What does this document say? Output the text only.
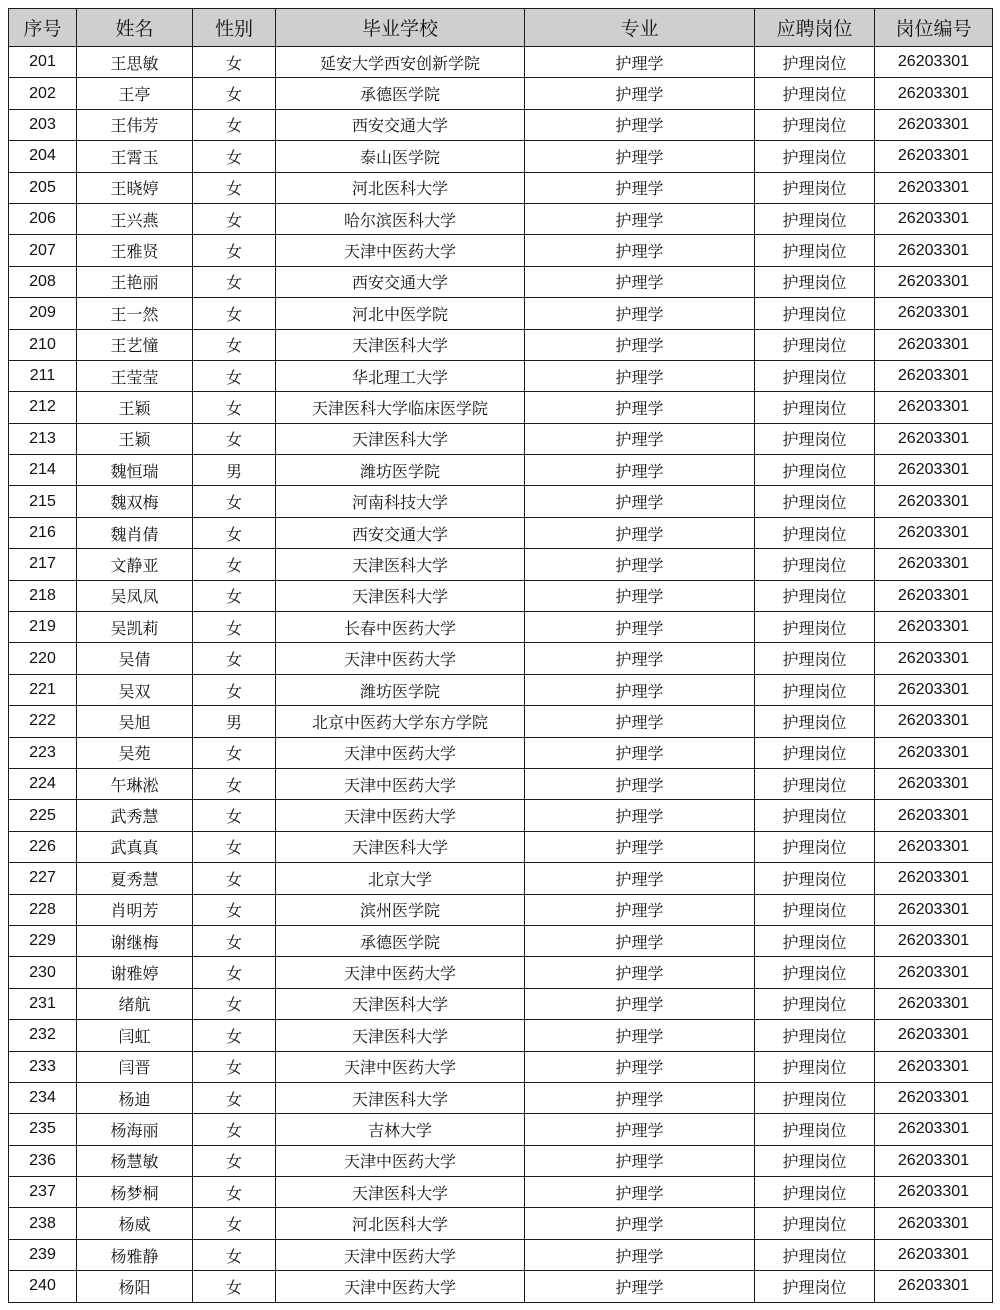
序号	姓名	性别	毕业学校	专业	应聘岗位	岗位编号
201	王思敏	女	延安大学西安创新学院	护理学	护理岗位	26203301
202	王亭	女	承德医学院	护理学	护理岗位	26203301
203	王伟芳	女	西安交通大学	护理学	护理岗位	26203301
204	王霄玉	女	泰山医学院	护理学	护理岗位	26203301
205	王晓婷	女	河北医科大学	护理学	护理岗位	26203301
206	王兴燕	女	哈尔滨医科大学	护理学	护理岗位	26203301
207	王雅贤	女	天津中医药大学	护理学	护理岗位	26203301
208	王艳丽	女	西安交通大学	护理学	护理岗位	26203301
209	王一然	女	河北中医学院	护理学	护理岗位	26203301
210	王艺憧	女	天津医科大学	护理学	护理岗位	26203301
211	王莹莹	女	华北理工大学	护理学	护理岗位	26203301
212	王颖	女	天津医科大学临床医学院	护理学	护理岗位	26203301
213	王颖	女	天津医科大学	护理学	护理岗位	26203301
214	魏恒瑞	男	潍坊医学院	护理学	护理岗位	26203301
215	魏双梅	女	河南科技大学	护理学	护理岗位	26203301
216	魏肖倩	女	西安交通大学	护理学	护理岗位	26203301
217	文静亚	女	天津医科大学	护理学	护理岗位	26203301
218	吴凤凤	女	天津医科大学	护理学	护理岗位	26203301
219	吴凯莉	女	长春中医药大学	护理学	护理岗位	26203301
220	吴倩	女	天津中医药大学	护理学	护理岗位	26203301
221	吴双	女	潍坊医学院	护理学	护理岗位	26203301
222	吴旭	男	北京中医药大学东方学院	护理学	护理岗位	26203301
223	吴苑	女	天津中医药大学	护理学	护理岗位	26203301
224	午琳淞	女	天津中医药大学	护理学	护理岗位	26203301
225	武秀慧	女	天津中医药大学	护理学	护理岗位	26203301
226	武真真	女	天津医科大学	护理学	护理岗位	26203301
227	夏秀慧	女	北京大学	护理学	护理岗位	26203301
228	肖明芳	女	滨州医学院	护理学	护理岗位	26203301
229	谢继梅	女	承德医学院	护理学	护理岗位	26203301
230	谢雅婷	女	天津中医药大学	护理学	护理岗位	26203301
231	绪航	女	天津医科大学	护理学	护理岗位	26203301
232	闫虹	女	天津医科大学	护理学	护理岗位	26203301
233	闫晋	女	天津中医药大学	护理学	护理岗位	26203301
234	杨迪	女	天津医科大学	护理学	护理岗位	26203301
235	杨海丽	女	吉林大学	护理学	护理岗位	26203301
236	杨慧敏	女	天津中医药大学	护理学	护理岗位	26203301
237	杨梦桐	女	天津医科大学	护理学	护理岗位	26203301
238	杨威	女	河北医科大学	护理学	护理岗位	26203301
239	杨雅静	女	天津中医药大学	护理学	护理岗位	26203301
240	杨阳	女	天津中医药大学	护理学	护理岗位	26203301
